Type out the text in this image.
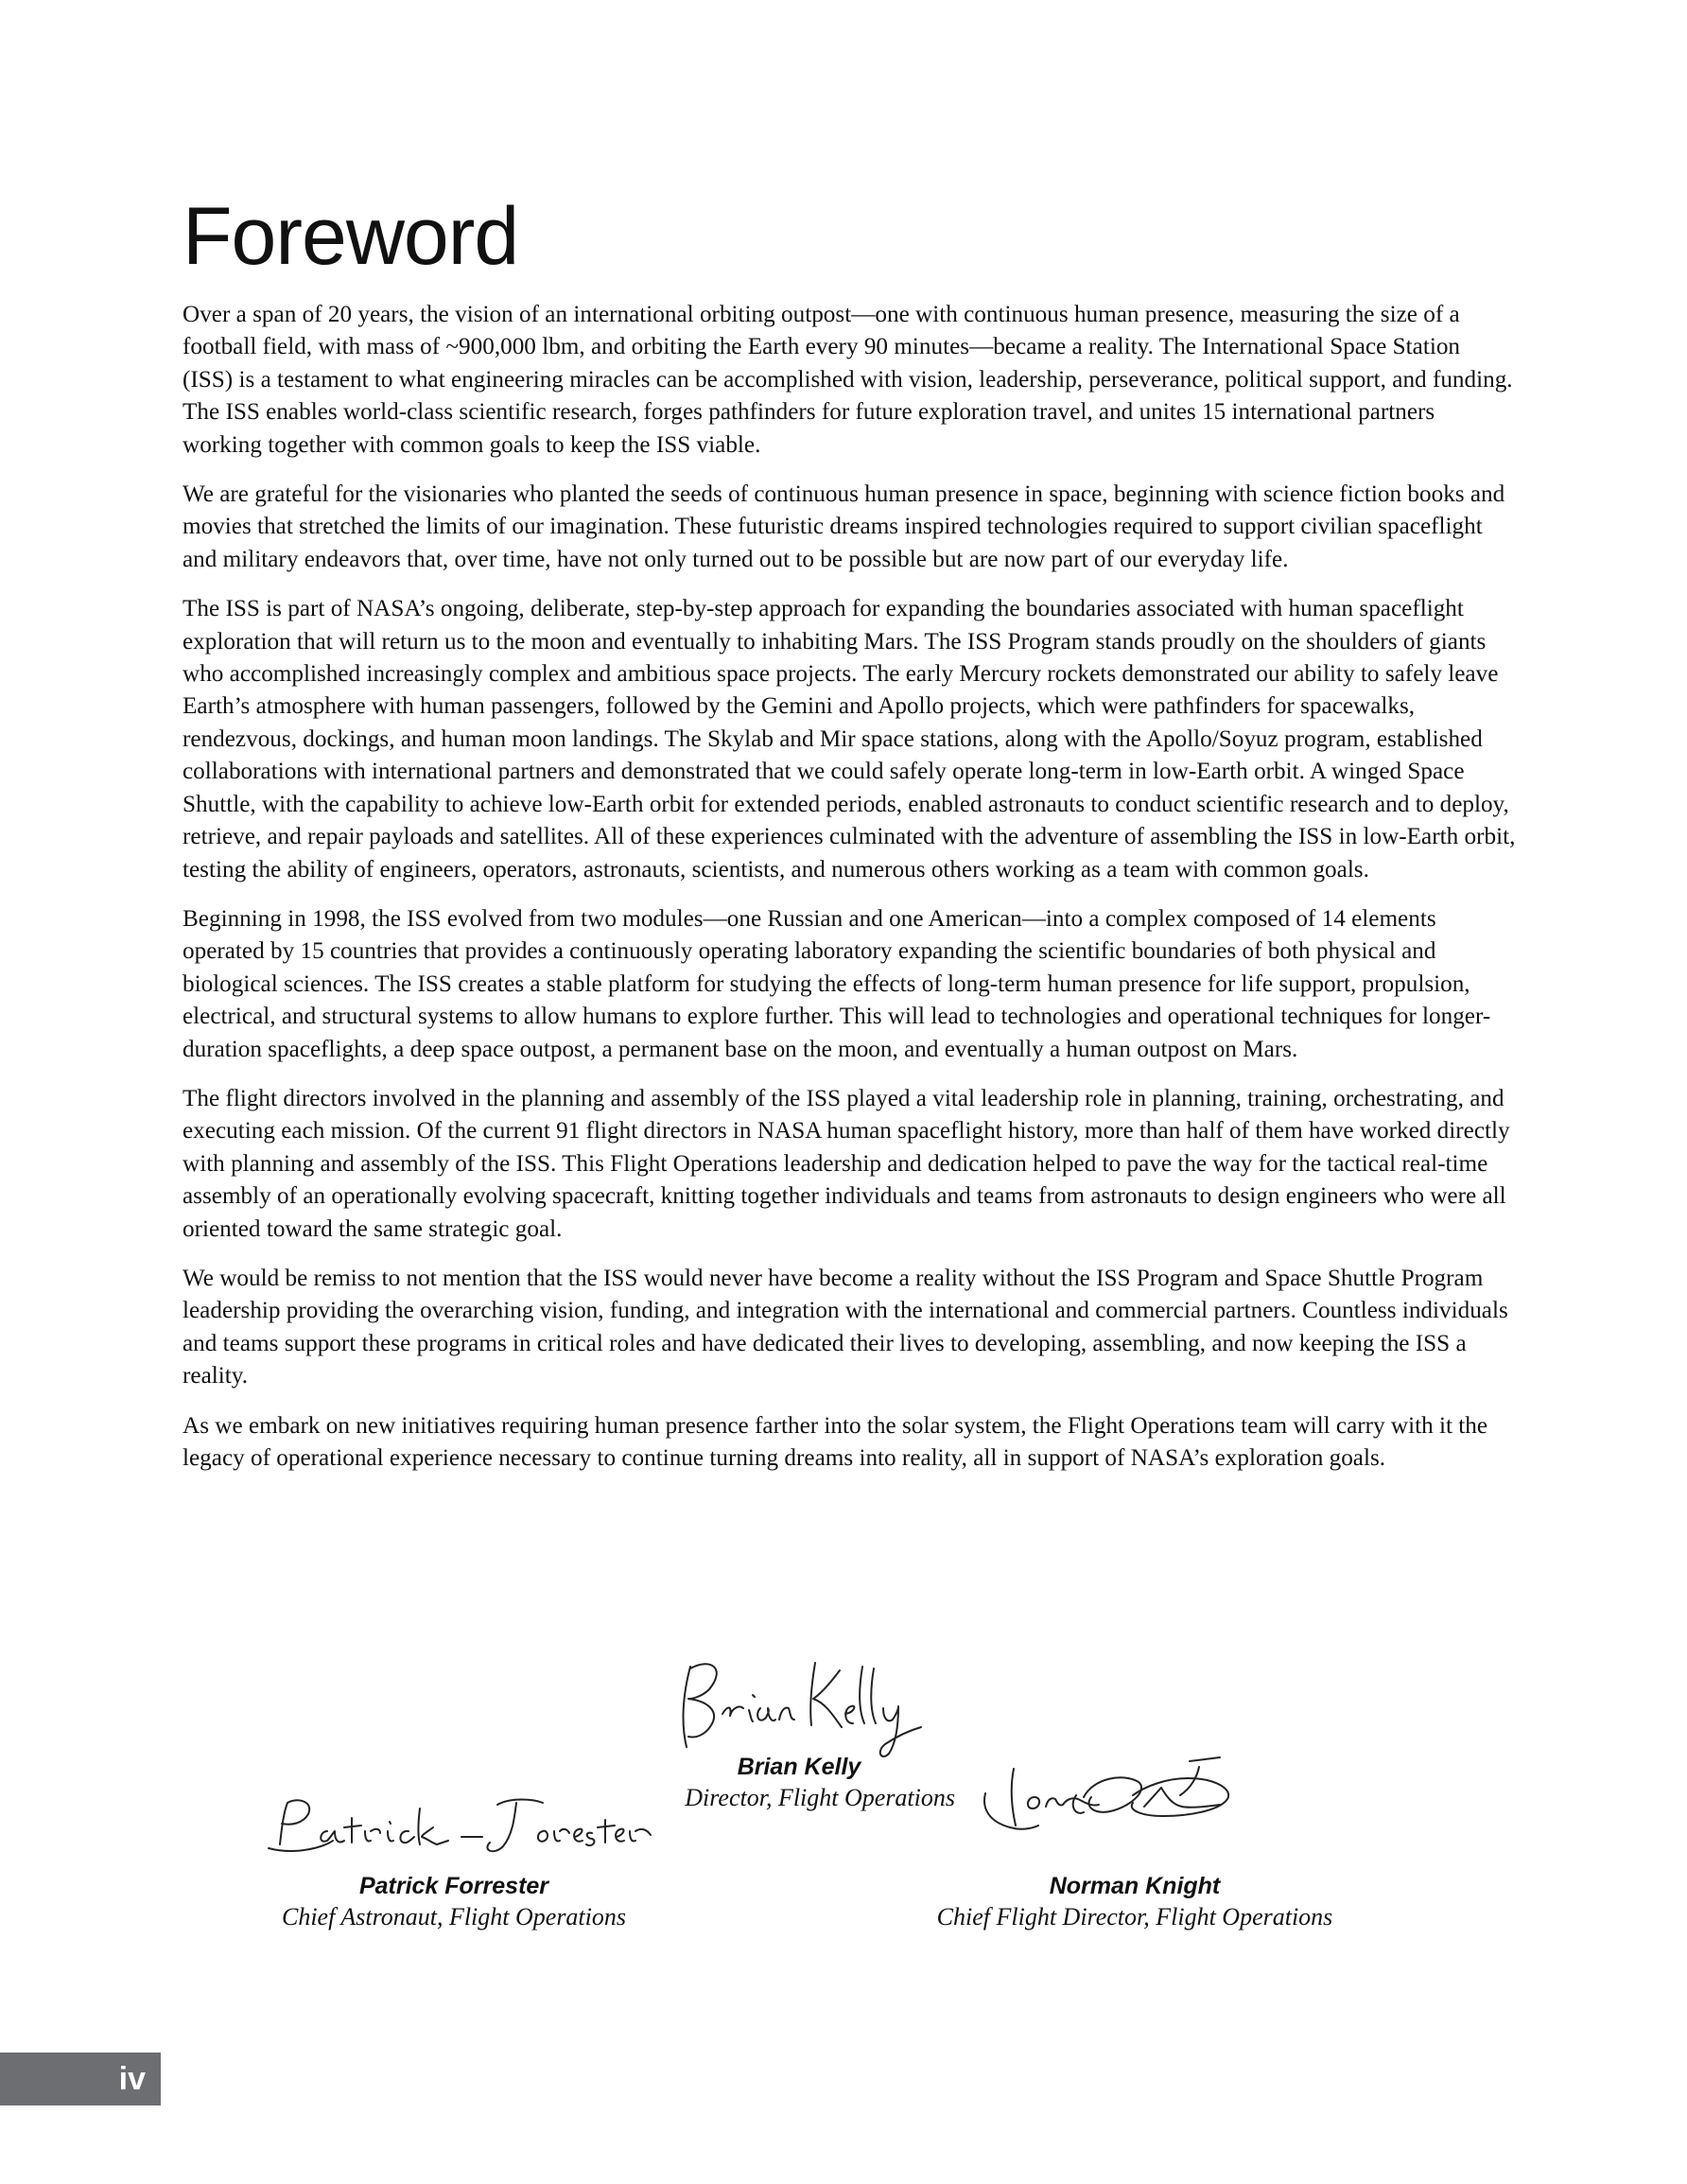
Foreword

Over a span of 20 years, the vision of an international orbiting outpost—one with continuous human presence, measuring the size of a football field, with mass of ~900,000 lbm, and orbiting the Earth every 90 minutes—became a reality. The International Space Station (ISS) is a testament to what engineering miracles can be accomplished with vision, leadership, perseverance, political support, and funding. The ISS enables world-class scientific research, forges pathfinders for future exploration travel, and unites 15 international partners working together with common goals to keep the ISS viable.

We are grateful for the visionaries who planted the seeds of continuous human presence in space, beginning with science fiction books and movies that stretched the limits of our imagination. These futuristic dreams inspired technologies required to support civilian spaceflight and military endeavors that, over time, have not only turned out to be possible but are now part of our everyday life.

The ISS is part of NASA’s ongoing, deliberate, step-by-step approach for expanding the boundaries associated with human spaceflight exploration that will return us to the moon and eventually to inhabiting Mars. The ISS Program stands proudly on the shoulders of giants who accomplished increasingly complex and ambitious space projects. The early Mercury rockets demonstrated our ability to safely leave Earth’s atmosphere with human passengers, followed by the Gemini and Apollo projects, which were pathfinders for spacewalks, rendezvous, dockings, and human moon landings. The Skylab and Mir space stations, along with the Apollo/Soyuz program, established collaborations with international partners and demonstrated that we could safely operate long-term in low-Earth orbit. A winged Space Shuttle, with the capability to achieve low-Earth orbit for extended periods, enabled astronauts to conduct scientific research and to deploy, retrieve, and repair payloads and satellites. All of these experiences culminated with the adventure of assembling the ISS in low-Earth orbit, testing the ability of engineers, operators, astronauts, scientists, and numerous others working as a team with common goals.

Beginning in 1998, the ISS evolved from two modules—one Russian and one American—into a complex composed of 14 elements operated by 15 countries that provides a continuously operating laboratory expanding the scientific boundaries of both physical and biological sciences. The ISS creates a stable platform for studying the effects of long-term human presence for life support, propulsion, electrical, and structural systems to allow humans to explore further. This will lead to technologies and operational techniques for longer-duration spaceflights, a deep space outpost, a permanent base on the moon, and eventually a human outpost on Mars.

The flight directors involved in the planning and assembly of the ISS played a vital leadership role in planning, training, orchestrating, and executing each mission. Of the current 91 flight directors in NASA human spaceflight history, more than half of them have worked directly with planning and assembly of the ISS. This Flight Operations leadership and dedication helped to pave the way for the tactical real-time assembly of an operationally evolving spacecraft, knitting together individuals and teams from astronauts to design engineers who were all oriented toward the same strategic goal.

We would be remiss to not mention that the ISS would never have become a reality without the ISS Program and Space Shuttle Program leadership providing the overarching vision, funding, and integration with the international and commercial partners. Countless individuals and teams support these programs in critical roles and have dedicated their lives to developing, assembling, and now keeping the ISS a reality.

As we embark on new initiatives requiring human presence farther into the solar system, the Flight Operations team will carry with it the legacy of operational experience necessary to continue turning dreams into reality, all in support of NASA’s exploration goals.

Brian Kelly
Director, Flight Operations
Patrick Forrester
Chief Astronaut, Flight Operations
Norman Knight
Chief Flight Director, Flight Operations
iv
